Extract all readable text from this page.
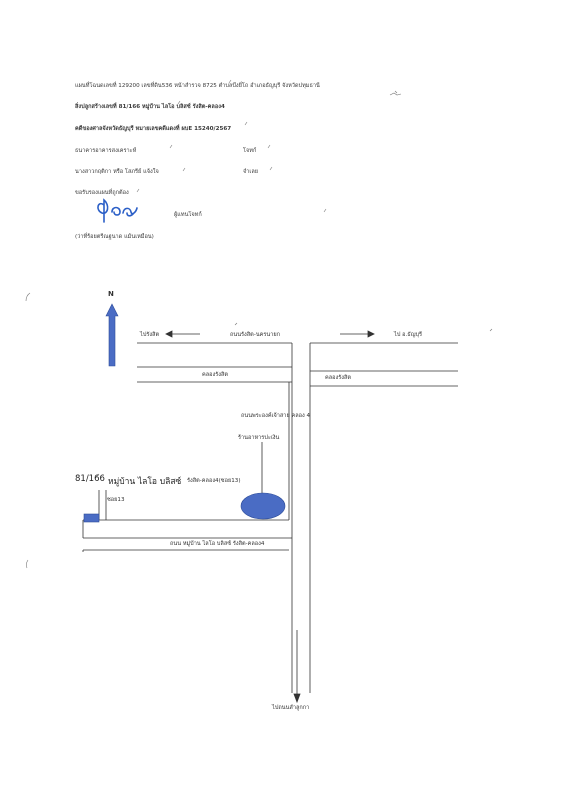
แผนที่โฉนดเลขที่ 129200 เลขที่ดิน536 หน้าสำรวจ 8725 ตำบลบึงยี่โถ อำเภอธัญบุรี จังหวัดปทุมธานี
สิ่งปลูกสร้างเลขที่ 81/166 หมู่บ้าน ไลโอ บลิสซ์ รังสิต-คลอง4
คดีของศาลจังหวัดธัญบุรี หมายเลขคดีแดงที่ ผบE 15240/2567
ธนาคารอาคารสงเคราะห์	โจทก์
นางสาวกฤติกา หรือ โสภรีย์ แจ้งใจ	จำเลย
ขอรับรองแผนที่ถูกต้อง
ผู้แทนโจทก์
(ว่าที่ร้อยตรีณฐนาด แม้นเหมือน)
N
ไปรังสิต	ถนนรังสิต-นครนายก	ไป อ.ธัญบุรี
คลองรังสิต	คลองรังสิต
ถนนพระองค์เจ้าสาย คลอง 4
ร้านอาหารปะเงิน
81/166 หมู่บ้าน ไลโอ บลิสซ์ รังสิต-คลอง4(ซอย13)
ซอย13
ถนน หมู่บ้าน ไลโอ บลิสซ์ รังสิต-คลอง4
ไปถนนลำลูกกา
